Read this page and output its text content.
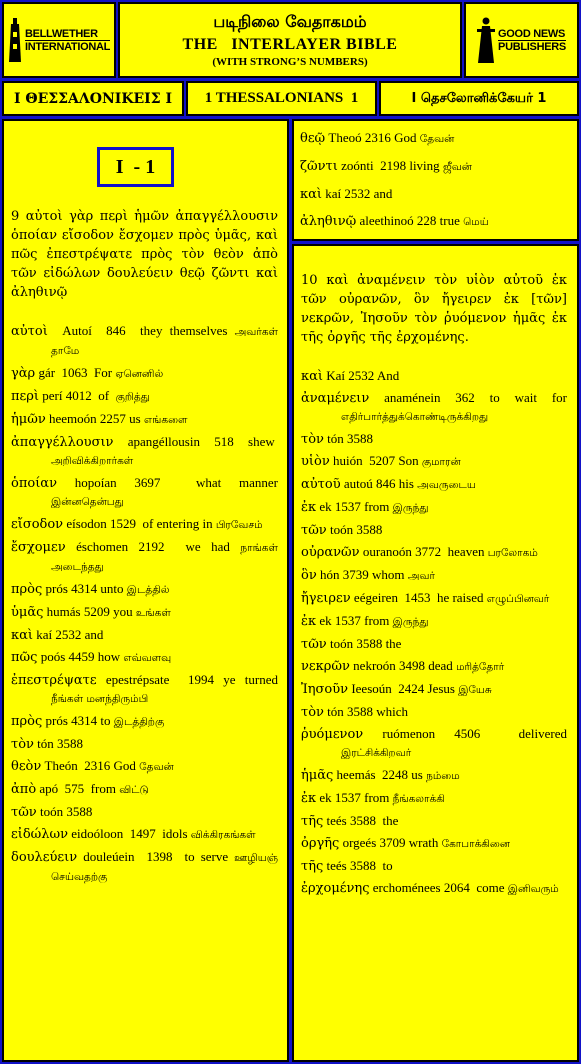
BELLWETHER
INTERNATIONAL
படிநிலை வேதாகமம்
THE   INTERLAYER BIBLE
(WITH STRONG’S NUMBERS)
GOOD NEWS
PUBLISHERS
Ι ΘΕΣΣΑΛΟΝΙΚΕΙΣ Ι 1 THESSALONIANS  1	I தெசலோனிக்கேயர் 1
I  - 1

9 αὐτοὶ γὰρ περὶ ἡμῶν ἀπαγγέλλουσιν ὁποίαν εἴσοδον ἔσχομεν πρὸς ὑμᾶς, καὶ πῶς ἐπεστρέψατε πρὸς τὸν θεὸν ἀπὸ τῶν εἰδώλων δουλεύειν θεῷ ζῶντι καὶ ἀληθινῷ

αὐτοὶ  Autoí  846  they themselves அவர்கள் தாமே

γὰρ gár  1063  For ஏனெனில்

περὶ perí 4012  of  குறித்து

ἡμῶν heemoón 2257 us எங்களை

ἀπαγγέλλουσιν apangéllousin 518 shew  அறிவிக்கிறார்கள்

ὁποίαν hopoían 3697  what manner இன்னதென்பது

εἴσοδον eísodon 1529  of entering in பிரவேசம்

ἔσχομεν éschomen 2192  we had நாங்கள் அடைந்தது

πρὸς prós 4314 unto இடத்தில்

ὑμᾶς humás 5209 you உங்கள்

καὶ kaí 2532 and

πῶς poós 4459 how எவ்வளவு

ἐπεστρέψατε epestrépsate  1994 ye turned நீங்கள் மனந்திரும்பி

πρὸς prós 4314 to இடத்திற்கு

τὸν tón 3588

θεὸν Theón  2316 God தேவன்

ἀπὸ apó  575  from விட்டு

τῶν toón 3588

εἰδώλων eidoóloon  1497  idols விக்கிரகங்கள்

δουλεύειν douleúein  1398  to serve ஊழியஞ் செய்வதற்கு

θεῷ Theoó 2316 God தேவன்

ζῶντι zoónti  2198 living ஜீவன்

καὶ kaí 2532 and

ἀληθινῷ aleethinoó 228 true மெய்

10 καὶ ἀναμένειν τὸν υἱὸν αὐτοῦ ἐκ τῶν οὐρανῶν, ὃν ἤγειρεν ἐκ [τῶν] νεκρῶν, Ἰησοῦν τὸν ῥυόμενον ἡμᾶς ἐκ τῆς ὀργῆς τῆς ἐρχομένης.

καὶ Kaí 2532 And

ἀναμένειν anaménein 362 to wait for எதிர்பார்த்துக்கொண்டிருக்கிறது

τὸν tón 3588

υἱὸν huión  5207 Son குமாரன்

αὐτοῦ autoú 846 his அவருடைய

ἐκ ek 1537 from இருந்து

τῶν toón 3588

οὐρανῶν ouranoón 3772  heaven பரலோகம்

ὃν hón 3739 whom அவர்

ἤγειρεν eégeiren  1453  he raised எழுப்பினவர்

ἐκ ek 1537 from இருந்து

τῶν toón 3588 the

νεκρῶν nekroón 3498 dead மரித்தோர்

Ἰησοῦν Ieesoún  2424 Jesus இயேசு

τὸν tón 3588 which

ῥυόμενον ruómenon 4506  delivered இரட்சிக்கிறவர்

ἡμᾶς heemás  2248 us நம்மை

ἐκ ek 1537 from நீங்கலாக்கி

τῆς teés 3588  the

ὀργῆς orgeés 3709 wrath கோபாக்கினை

τῆς teés 3588  to

ἐρχομένης erchoménees 2064  come இனிவரும்
